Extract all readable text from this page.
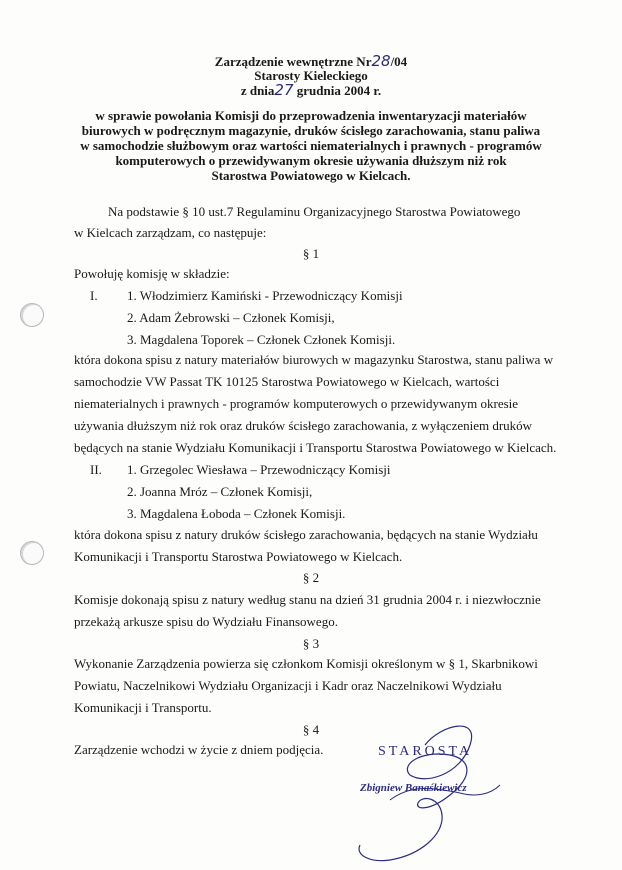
Zarządzenie wewnętrzne Nr28/04
Starosty Kieleckiego
z dnia27 grudnia 2004 r.
w sprawie powołania Komisji do przeprowadzenia inwentaryzacji materiałów
biurowych w podręcznym magazynie, druków ścisłego zarachowania, stanu paliwa
w samochodzie służbowym oraz wartości niematerialnych i prawnych - programów
komputerowych o przewidywanym okresie używania dłuższym niż rok
Starostwa Powiatowego w Kielcach.
Na podstawie § 10 ust.7 Regulaminu Organizacyjnego Starostwa Powiatowego
w Kielcach zarządzam, co następuje:
§ 1
Powołuję komisję w składzie:
I. 1. Włodzimierz Kamiński - Przewodniczący Komisji
2. Adam Żebrowski – Członek Komisji,
3. Magdalena Toporek – Członek Członek Komisji.
która dokona spisu z natury materiałów biurowych w magazynku Starostwa, stanu paliwa w
samochodzie VW Passat TK 10125 Starostwa Powiatowego w Kielcach, wartości
niematerialnych i prawnych - programów komputerowych o przewidywanym okresie
używania dłuższym niż rok oraz druków ścisłego zarachowania, z wyłączeniem druków
będących na stanie Wydziału Komunikacji i Transportu Starostwa Powiatowego w Kielcach.
II. 1. Grzegolec Wiesława – Przewodniczący Komisji
2. Joanna Mróz – Członek Komisji,
3. Magdalena Łoboda – Członek Komisji.
która dokona spisu z natury druków ścisłego zarachowania, będących na stanie Wydziału
Komunikacji i Transportu Starostwa Powiatowego w Kielcach.
§ 2
Komisje dokonają spisu z natury według stanu na dzień 31 grudnia 2004 r. i niezwłocznie
przekażą arkusze spisu do Wydziału Finansowego.
§ 3
Wykonanie Zarządzenia powierza się członkom Komisji określonym w § 1, Skarbnikowi
Powiatu, Naczelnikowi Wydziału Organizacji i Kadr oraz Naczelnikowi Wydziału
Komunikacji i Transportu.
§ 4
Zarządzenie wchodzi w życie z dniem podjęcia.	STAROSTA
Zbigniew Banaśkiewicz
